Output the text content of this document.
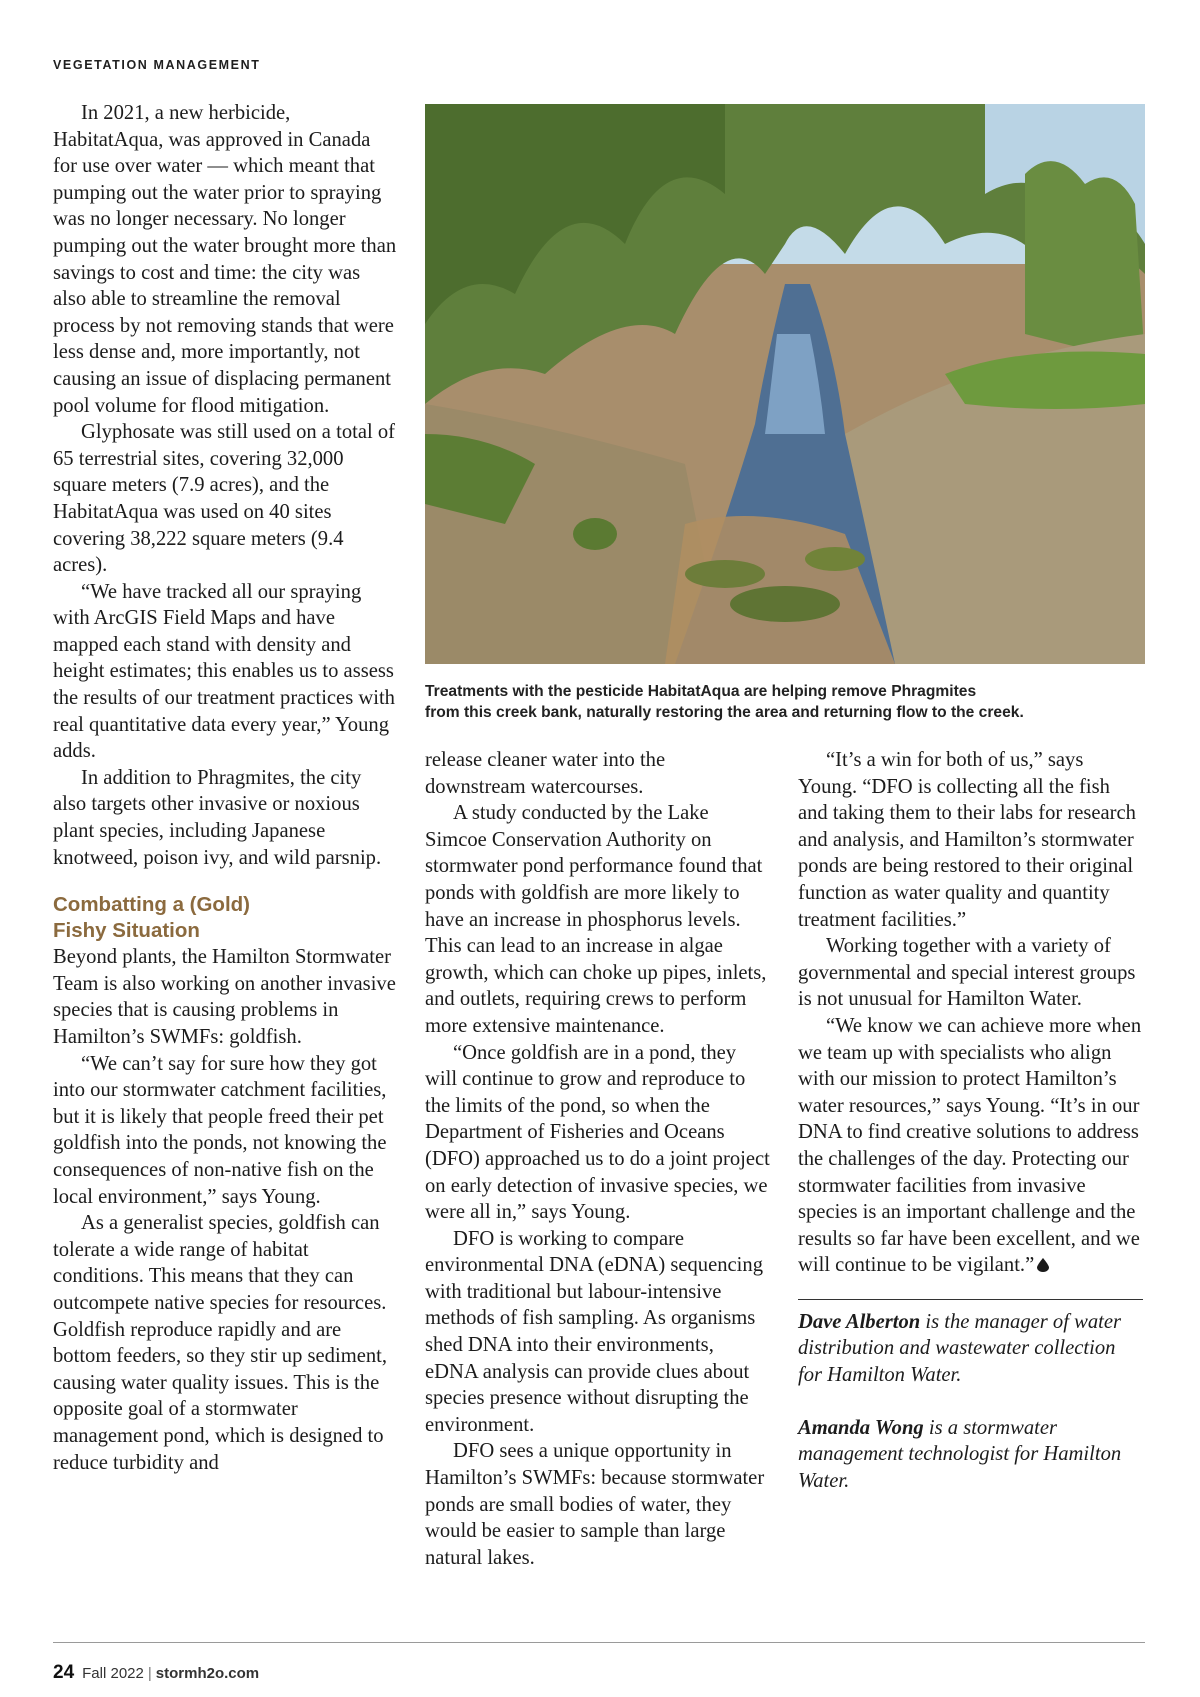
VEGETATION MANAGEMENT

In 2021, a new herbicide, HabitatAqua, was approved in Canada for use over water — which meant that pumping out the water prior to spraying was no longer necessary. No longer pumping out the water brought more than savings to cost and time: the city was also able to streamline the removal process by not removing stands that were less dense and, more importantly, not causing an issue of displacing permanent pool volume for flood mitigation.

Glyphosate was still used on a total of 65 terrestrial sites, covering 32,000 square meters (7.9 acres), and the HabitatAqua was used on 40 sites covering 38,222 square meters (9.4 acres).

“We have tracked all our spraying with ArcGIS Field Maps and have mapped each stand with density and height estimates; this enables us to assess the results of our treatment practices with real quantitative data every year,” Young adds.

In addition to Phragmites, the city also targets other invasive or noxious plant species, including Japanese knotweed, poison ivy, and wild parsnip.

Combatting a (Gold)
Fishy Situation

Beyond plants, the Hamilton Stormwater Team is also working on another invasive species that is causing problems in Hamilton’s SWMFs: goldfish.

“We can’t say for sure how they got into our stormwater catchment facilities, but it is likely that people freed their pet goldfish into the ponds, not knowing the consequences of non-native fish on the local environment,” says Young.

As a generalist species, goldfish can tolerate a wide range of habitat conditions. This means that they can outcompete native species for resources. Goldfish reproduce rapidly and are bottom feeders, so they stir up sediment, causing water quality issues. This is the opposite goal of a stormwater management pond, which is designed to reduce turbidity and

Treatments with the pesticide HabitatAqua are helping remove Phragmites
from this creek bank, naturally restoring the area and returning flow to the creek.

release cleaner water into the downstream watercourses.

A study conducted by the Lake Simcoe Conservation Authority on stormwater pond performance found that ponds with goldfish are more likely to have an increase in phosphorus levels. This can lead to an increase in algae growth, which can choke up pipes, inlets, and outlets, requiring crews to perform more extensive maintenance.

“Once goldfish are in a pond, they will continue to grow and reproduce to the limits of the pond, so when the Department of Fisheries and Oceans (DFO) approached us to do a joint project on early detection of invasive species, we were all in,” says Young.

DFO is working to compare environmental DNA (eDNA) sequencing with traditional but labour-intensive methods of fish sampling. As organisms shed DNA into their environments, eDNA analysis can provide clues about species presence without disrupting the environment.

DFO sees a unique opportunity in Hamilton’s SWMFs: because stormwater ponds are small bodies of water, they would be easier to sample than large natural lakes.

“It’s a win for both of us,” says Young. “DFO is collecting all the fish and taking them to their labs for research and analysis, and Hamilton’s stormwater ponds are being restored to their original function as water quality and quantity treatment facilities.”

Working together with a variety of governmental and special interest groups is not unusual for Hamilton Water.

“We know we can achieve more when we team up with specialists who align with our mission to protect Hamilton’s water resources,” says Young. “It’s in our DNA to find creative solutions to address the challenges of the day. Protecting our stormwater facilities from invasive species is an important challenge and the results so far have been excellent, and we will continue to be vigilant.”

Dave Alberton is the manager of water distribution and wastewater collection for Hamilton Water.

Amanda Wong is a stormwater management technologist for Hamilton Water.

24 Fall 2022 | stormh2o.com
